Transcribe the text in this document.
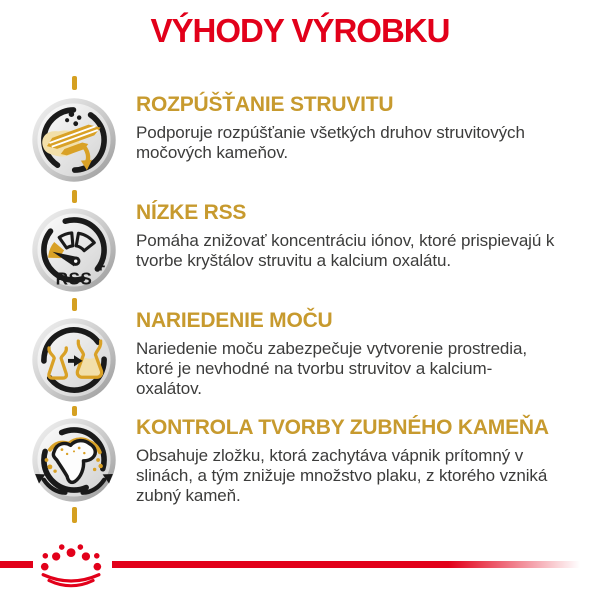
VÝHODY VÝROBKU
- +
RSS
ROZPÚŠŤANIE STRUVITU

Podporuje rozpúšťanie všetkých druhov struvitových
močových kameňov.

NÍZKE RSS

Pomáha znižovať koncentráciu iónov, ktoré prispievajú k
tvorbe kryštálov struvitu a kalcium oxalátu.

NARIEDENIE MOČU

Nariedenie moču zabezpečuje vytvorenie prostredia,
ktoré je nevhodné na tvorbu struvitov a kalcium-
oxalátov.

KONTROLA TVORBY ZUBNÉHO KAMEŇA

Obsahuje zložku, ktorá zachytáva vápnik prítomný v
slinách, a tým znižuje množstvo plaku, z ktorého vzniká
zubný kameň.
